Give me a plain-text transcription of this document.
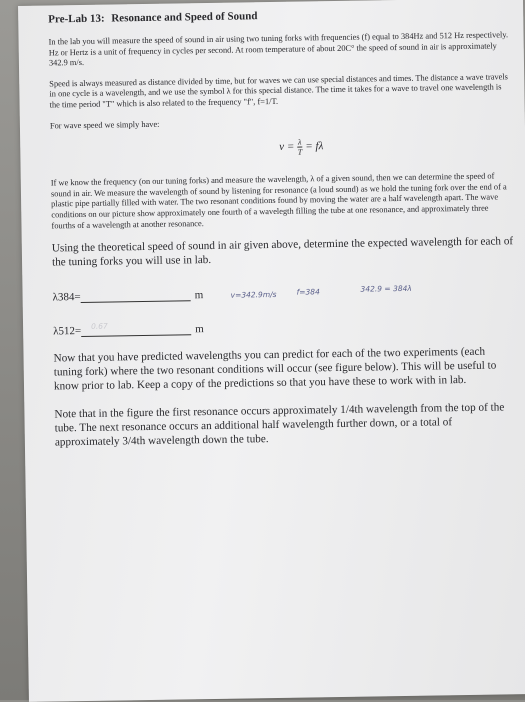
Pre-Lab 13: Resonance and Speed of Sound

In the lab you will measure the speed of sound in air using two tuning forks with frequencies (f) equal to 384Hz and 512 Hz respectively. Hz or Hertz is a unit of frequency in cycles per second. At room temperature of about 20C° the speed of sound in air is approximately 342.9 m/s.

Speed is always measured as distance divided by time, but for waves we can use special distances and times. The distance a wave travels in one cycle is a wavelength, and we use the symbol λ for this special distance. The time it takes for a wave to travel one wavelength is the time period "T" which is also related to the frequency "f", f=1/T.

For wave speed we simply have:

$v = \frac{\lambda}{T} = f\lambda$

If we know the frequency (on our tuning forks) and measure the wavelength, λ of a given sound, then we can determine the speed of sound in air. We measure the wavelength of sound by listening for resonance (a loud sound) as we hold the tuning fork over the end of a plastic pipe partially filled with water. The two resonant conditions found by moving the water are a half wavelength apart. The wave conditions on our picture show approximately one fourth of a wavelegth filling the tube at one resonance, and approximately three fourths of a wavelength at another resonance.

Using the theoretical speed of sound in air given above, determine the expected wavelength for each of the tuning forks you will use in lab.

λ384=	m	v=342.9m/s	f=384	342.9 = 384λ
λ512=	m
0.67

Now that you have predicted wavelengths you can predict for each of the two experiments (each tuning fork) where the two resonant conditions will occur (see figure below). This will be useful to know prior to lab. Keep a copy of the predictions so that you have these to work with in lab.

Note that in the figure the first resonance occurs approximately 1/4th wavelength from the top of the tube. The next resonance occurs an additional half wavelength further down, or a total of approximately 3/4th wavelength down the tube.
